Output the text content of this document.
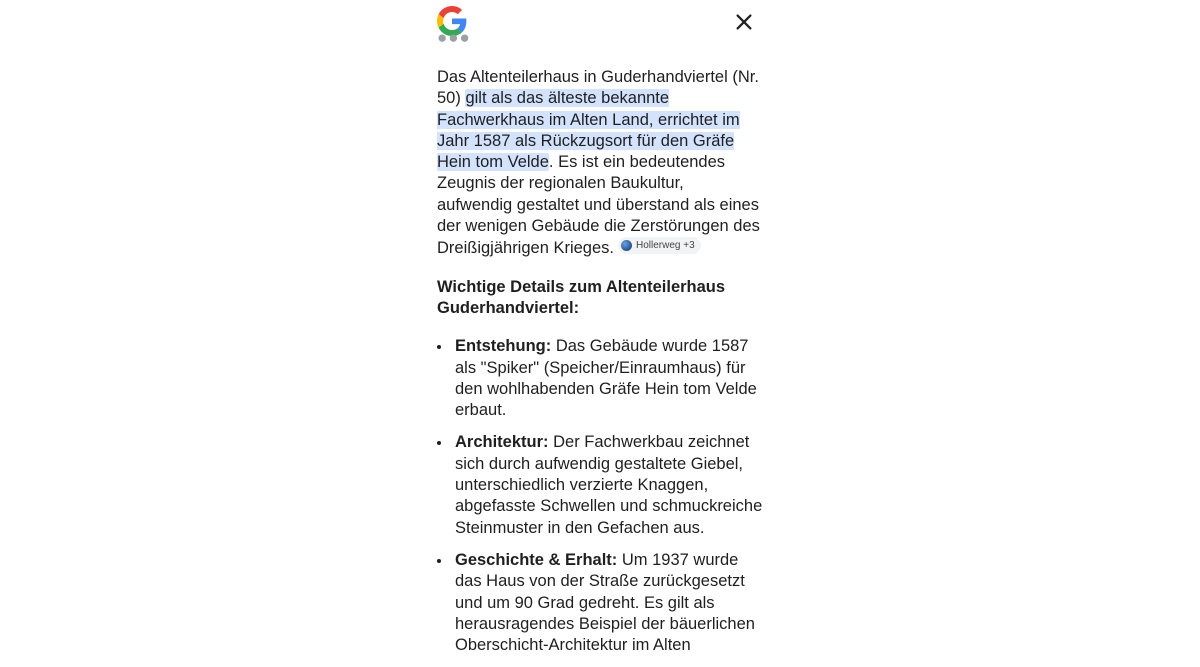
●●●

Das Altenteilerhaus in Guderhandviertel (Nr. 50) gilt als das älteste bekannte Fachwerkhaus im Alten Land, errichtet im Jahr 1587 als Rückzugsort für den Gräfe Hein tom Velde. Es ist ein bedeutendes Zeugnis der regionalen Baukultur, aufwendig gestaltet und überstand als eines der wenigen Gebäude die Zerstörungen des Dreißigjährigen Krieges. Hollerweg +3

Wichtige Details zum Altenteilerhaus Guderhandviertel:
Entstehung: Das Gebäude wurde 1587 als "Spiker" (Speicher/Einraumhaus) für den wohlhabenden Gräfe Hein tom Velde erbaut.
Architektur: Der Fachwerkbau zeichnet sich durch aufwendig gestaltete Giebel, unterschiedlich verzierte Knaggen, abgefasste Schwellen und schmuckreiche Steinmuster in den Gefachen aus.
Geschichte & Erhalt: Um 1937 wurde das Haus von der Straße zurückgesetzt und um 90 Grad gedreht. Es gilt als herausragendes Beispiel der bäuerlichen Oberschicht-Architektur im Alten
